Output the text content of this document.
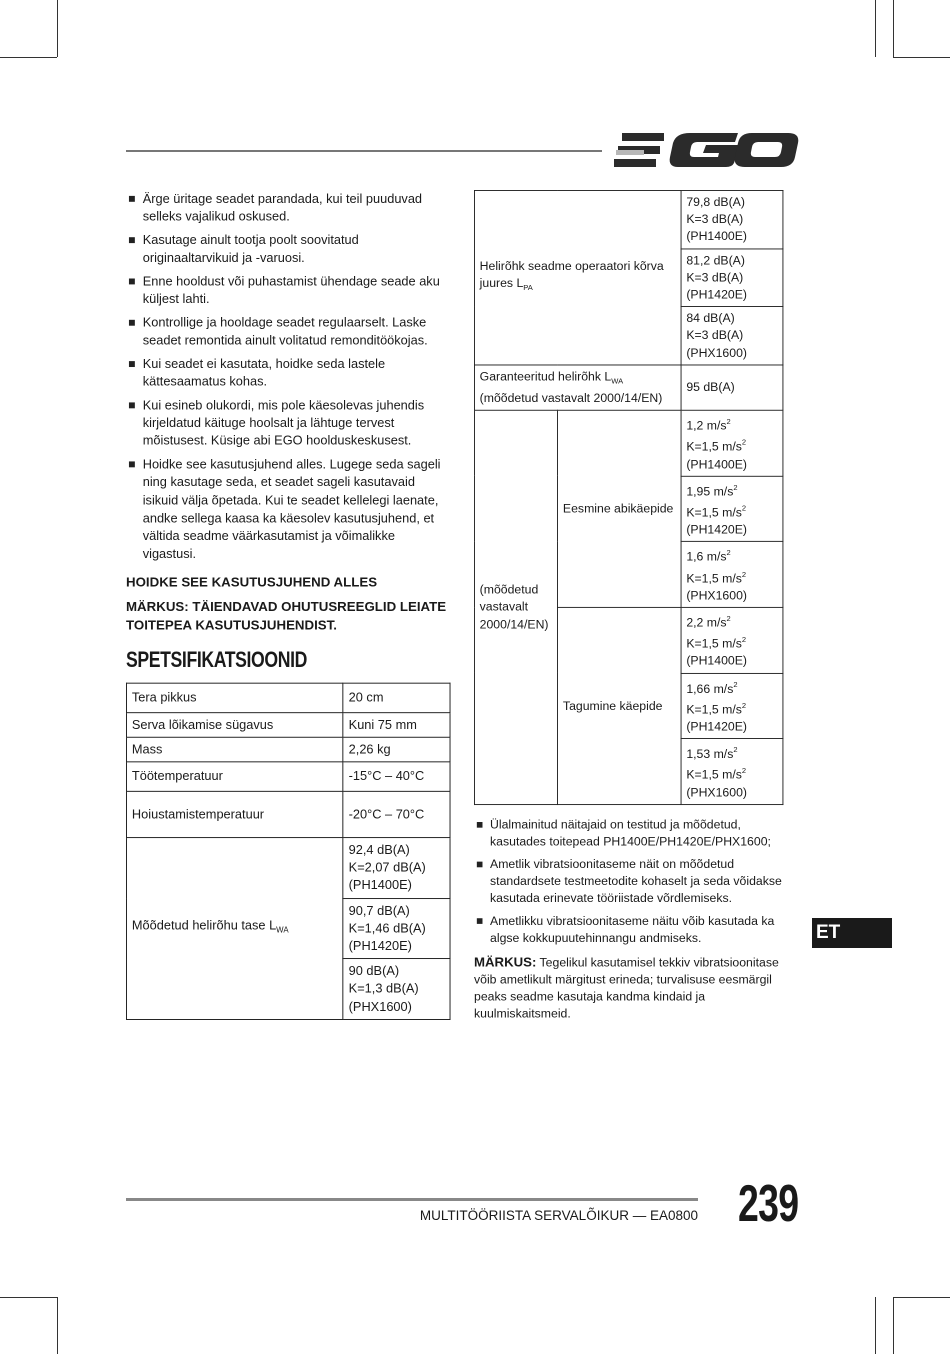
Ärge üritage seadet parandada, kui teil puuduvad selleks vajalikud oskused.
Kasutage ainult tootja poolt soovitatud originaaltarvikuid ja -varuosi.
Enne hooldust või puhastamist ühendage seade aku küljest lahti.
Kontrollige ja hooldage seadet regulaarselt. Laske seadet remontida ainult volitatud remonditöökojas.
Kui seadet ei kasutata, hoidke seda lastele kättesaamatus kohas.
Kui esineb olukordi, mis pole käesolevas juhendis kirjeldatud käituge hoolsalt ja lähtuge tervest mõistusest. Küsige abi EGO hoolduskeskusest.
Hoidke see kasutusjuhend alles. Lugege seda sageli ning kasutage seda, et seadet sageli kasutavaid isikuid välja õpetada. Kui te seadet kellelegi laenate, andke sellega kaasa ka käesolev kasutusjuhend, et vältida seadme väärkasutamist ja võimalikke vigastusi.
HOIDKE SEE KASUTUSJUHEND ALLES
MÄRKUS: TÄIENDAVAD OHUTUSREEGLID LEIATE TOITEPEA KASUTUSJUHENDIST.
SPETSIFIKATSIOONID
Tera pikkus	20 cm
Serva lõikamise sügavus	Kuni 75 mm
Mass	2,26 kg
Töötemperatuur	-15°C – 40°C
Hoiustamistemperatuur	-20°C – 70°C
Mõõdetud helirõhu tase $L_{WA}$	92,4 dB(A)
K=2,07 dB(A)
(PH1400E)

	90,7 dB(A)
K=1,46 dB(A)
(PH1420E)

	90 dB(A)
K=1,3 dB(A)
(PHX1600)
Helirõhk seadme operaatori kõrva juures $L_{PA}$		79,8 dB(A)
K=3 dB(A)
(PH1400E)

		81,2 dB(A)
K=3 dB(A)
(PH1420E)

		84 dB(A)
K=3 dB(A)
(PHX1600)

Garanteeritud helirõhk $L_{WA}$
(mõõdetud vastavalt 2000/14/EN)		95 dB(A)
(mõõdetud vastavalt 2000/14/EN)	Eesmine abikäepide	1,2 $m/s^2$
K=1,5 $m/s^2$
(PH1400E)

		1,95 $m/s^2$
K=1,5 $m/s^2$
(PH1420E)

		1,6 $m/s^2$
K=1,5 $m/s^2$
(PHX1600)

	Tagumine käepide	2,2 $m/s^2$
K=1,5 $m/s^2$
(PH1400E)

		1,66 $m/s^2$
K=1,5 $m/s^2$
(PH1420E)

		1,53 $m/s^2$
K=1,5 $m/s^2$
(PHX1600)
Ülalmainitud näitajaid on testitud ja mõõdetud, kasutades toitepead PH1400E/PH1420E/PHX1600;
Ametlik vibratsioonitaseme näit on mõõdetud standardsete testmeetodite kohaselt ja seda võidakse kasutada erinevate tööriistade võrdlemiseks.
Ametlikku vibratsioonitaseme näitu võib kasutada ka algse kokkupuutehinnangu andmiseks.
MÄRKUS: Tegelikul kasutamisel tekkiv vibratsioonitase võib ametlikult märgitust erineda; turvalisuse eesmärgil peaks seadme kasutaja kandma kindaid ja kuulmiskaitsmeid.
ET
MULTITÖÖRIISTA SERVALÕIKUR — EA0800 239
